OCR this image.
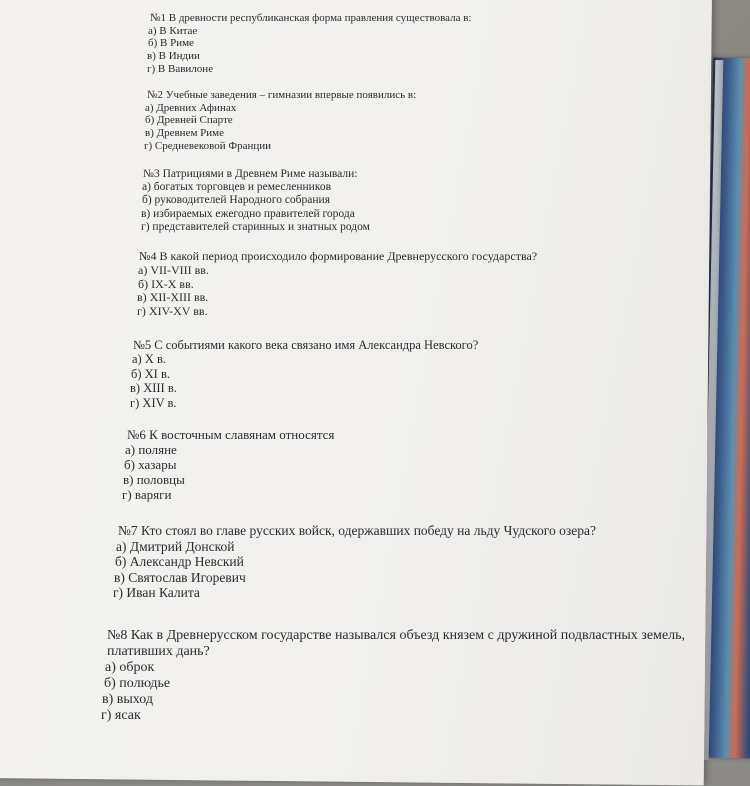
№1 В древности республиканская форма правления существовала в:
а) В Китае
б) В Риме
в) В Индии
г) В Вавилоне
№2 Учебные заведения – гимназии впервые появились в:
а) Древних Афинах
б) Древней Спарте
в) Древнем Риме
г) Средневековой Франции
№3 Патрициями в Древнем Риме называли:
а) богатых торговцев и ремесленников
б) руководителей Народного собрания
в) избираемых ежегодно правителей города
г) представителей старинных и знатных родом
№4 В какой период происходило формирование Древнерусского государства?
а) VII-VIII вв.
б) IX-X вв.
в) XII-XIII вв.
г) XIV-XV вв.
№5 С событиями какого века связано имя Александра Невского?
а) X в.
б) XI в.
в) XIII в.
г) XIV в.
№6 К восточным славянам относятся
а) поляне
б) хазары
в) половцы
г) варяги
№7 Кто стоял во главе русских войск, одержавших победу на льду Чудского озера?
а) Дмитрий Донской
б) Александр Невский
в) Святослав Игоревич
г) Иван Калита
№8 Как в Древнерусском государстве назывался объезд князем с дружиной подвластных земель, плативших дань?
а) оброк
б) полюдье
в) выход
г) ясак
